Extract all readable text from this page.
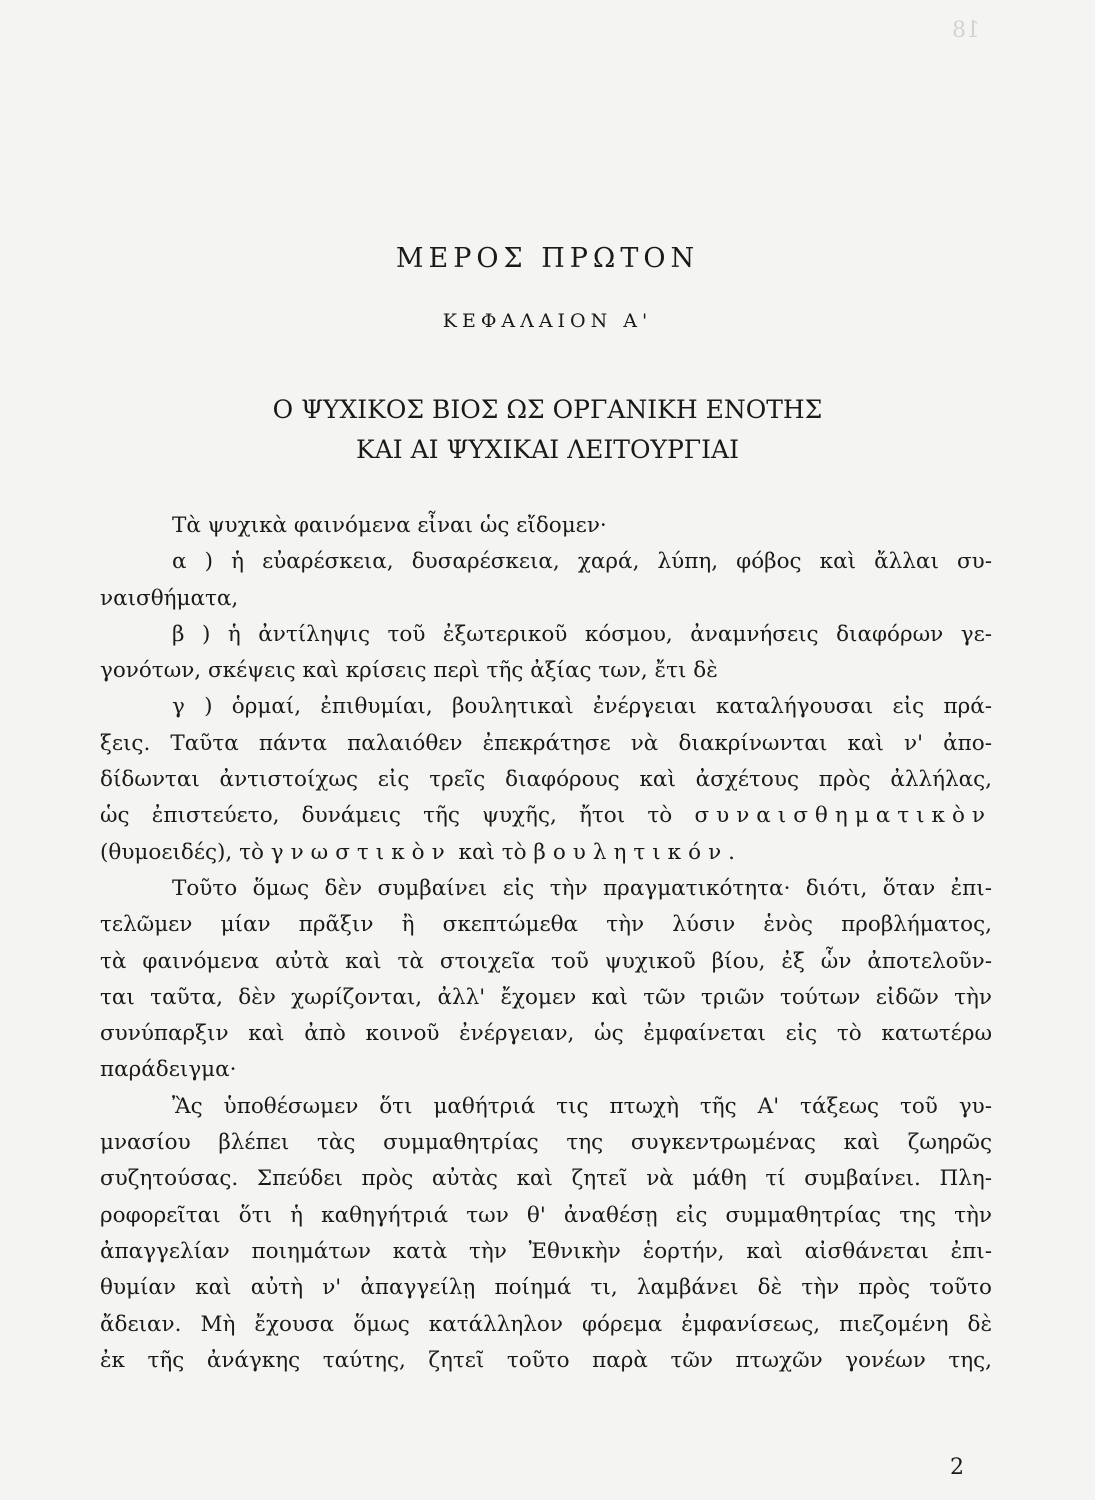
18
ΜΕΡΟΣ ΠΡΩΤΟΝ
ΚΕΦΑΛΑΙΟΝ Α'
Ο ΨΥΧΙΚΟΣ ΒΙΟΣ ΩΣ ΟΡΓΑΝΙΚΗ ΕΝΟΤΗΣ
ΚΑΙ ΑΙ ΨΥΧΙΚΑΙ ΛΕΙΤΟΥΡΓΙΑΙ
Τὰ ψυχικὰ φαινόμενα εἶναι ὡς εἴδομεν·
α ) ἡ εὐαρέσκεια, δυσαρέσκεια, χαρά, λύπη, φόβος καὶ ἄλλαι συ-
ναισθήματα,
β ) ἡ ἀντίληψις τοῦ ἐξωτερικοῦ κόσμου, ἀναμνήσεις διαφόρων γε-
γονότων, σκέψεις καὶ κρίσεις περὶ τῆς ἀξίας των, ἔτι δὲ
γ ) ὁρμαί, ἐπιθυμίαι, βουλητικαὶ ἐνέργειαι καταλήγουσαι εἰς πρά-
ξεις. Ταῦτα πάντα παλαιόθεν ἐπεκράτησε νὰ διακρίνωνται καὶ ν' ἀπο-
δίδωνται ἀντιστοίχως εἰς τρεῖς διαφόρους καὶ ἀσχέτους πρὸς ἀλλήλας,
ὡς ἐπιστεύετο, δυνάμεις τῆς ψυχῆς, ἤτοι τὸ συναισθηματικὸν
(θυμοειδές), τὸ γνωστικὸν καὶ τὸ βουλητικόν.
Τοῦτο ὅμως δὲν συμβαίνει εἰς τὴν πραγματικότητα· διότι, ὅταν ἐπι-
τελῶμεν μίαν πρᾶξιν ἢ σκεπτώμεθα τὴν λύσιν ἑνὸς προβλήματος,
τὰ φαινόμενα αὐτὰ καὶ τὰ στοιχεῖα τοῦ ψυχικοῦ βίου, ἐξ ὧν ἀποτελοῦν-
ται ταῦτα, δὲν χωρίζονται, ἀλλ' ἔχομεν καὶ τῶν τριῶν τούτων εἰδῶν τὴν
συνύπαρξιν καὶ ἀπὸ κοινοῦ ἐνέργειαν, ὡς ἐμφαίνεται εἰς τὸ κατωτέρω
παράδειγμα·
Ἂς ὑποθέσωμεν ὅτι μαθήτριά τις πτωχὴ τῆς Α' τάξεως τοῦ γυ-
μνασίου βλέπει τὰς συμμαθητρίας της συγκεντρωμένας καὶ ζωηρῶς
συζητούσας. Σπεύδει πρὸς αὐτὰς καὶ ζητεῖ νὰ μάθη τί συμβαίνει. Πλη-
ροφορεῖται ὅτι ἡ καθηγήτριά των θ' ἀναθέσῃ εἰς συμμαθητρίας της τὴν
ἀπαγγελίαν ποιημάτων κατὰ τὴν Ἐθνικὴν ἑορτήν, καὶ αἰσθάνεται ἐπι-
θυμίαν καὶ αὐτὴ ν' ἀπαγγείλῃ ποίημά τι, λαμβάνει δὲ τὴν πρὸς τοῦτο
ἄδειαν. Μὴ ἔχουσα ὅμως κατάλληλον φόρεμα ἐμφανίσεως, πιεζομένη δὲ
ἐκ τῆς ἀνάγκης ταύτης, ζητεῖ τοῦτο παρὰ τῶν πτωχῶν γονέων της,
2
